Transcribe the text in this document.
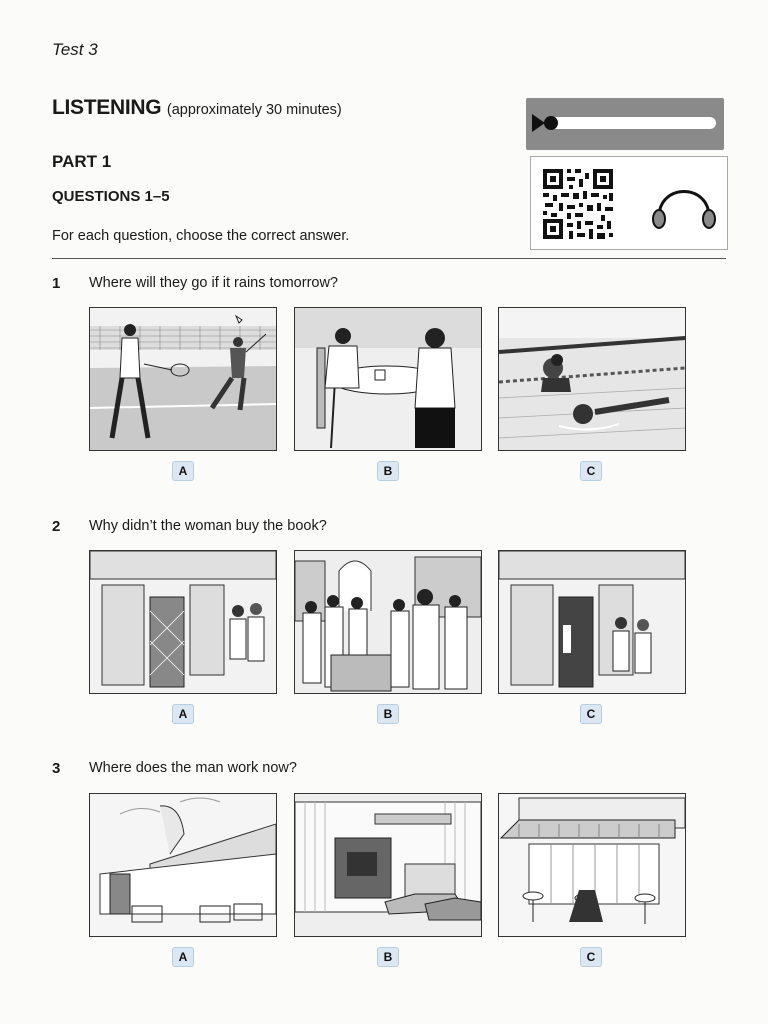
Test 3
LISTENING (approximately 30 minutes)
PART 1
QUESTIONS 1–5
For each question, choose the correct answer.
1 Where will they go if it rains tomorrow?
A	B	C
2 Why didn’t the woman buy the book?
A	B	C
3 Where does the man work now?
A	B	C
